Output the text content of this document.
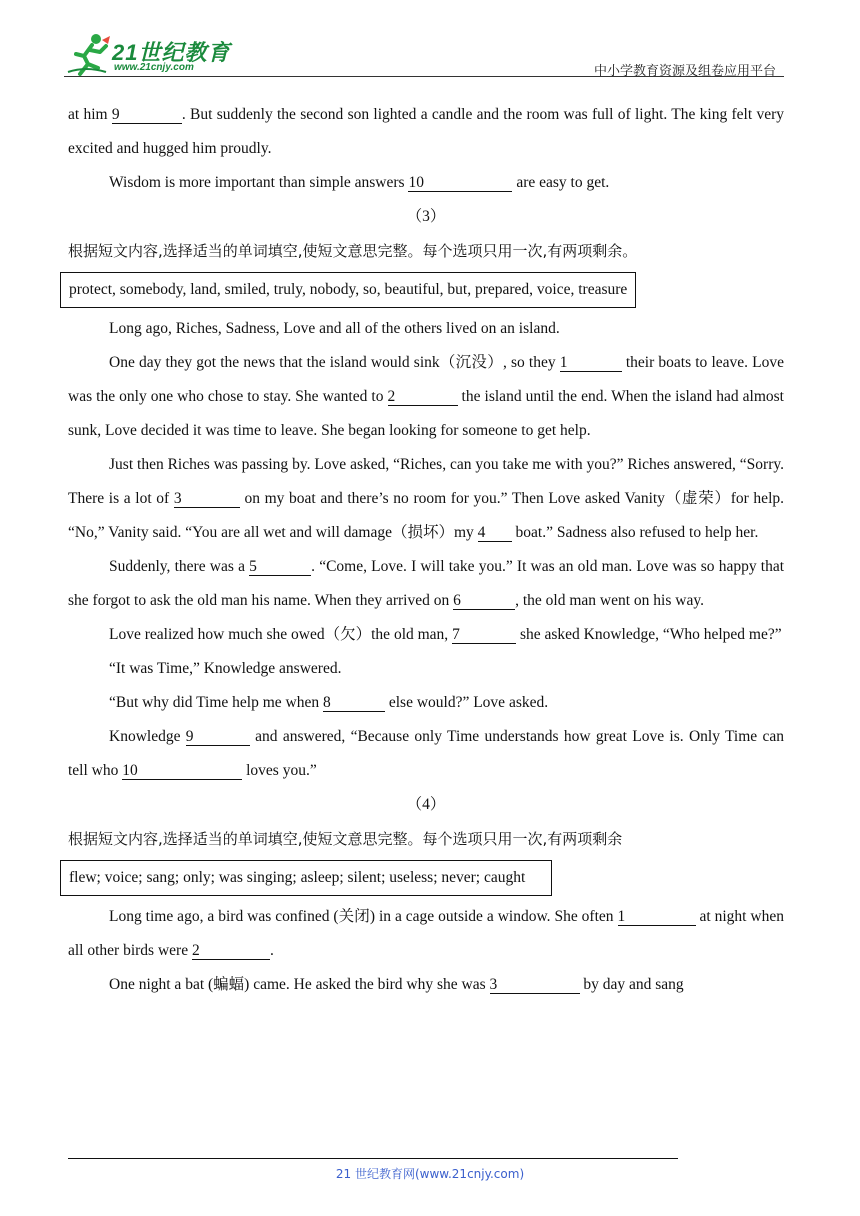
21世纪教育
www.21cnjy.com	中小学教育资源及组卷应用平台

at him 9	. But suddenly the second son lighted a candle and the room was full of light. The king felt very excited and hugged him proudly.

Wisdom is more important than simple answers 10	are easy to get.

（3）

根据短文内容,选择适当的单词填空,使短文意思完整。每个选项只用一次,有两项剩余。

protect, somebody, land, smiled, truly, nobody, so, beautiful, but, prepared, voice, treasure

Long ago, Riches, Sadness, Love and all of the others lived on an island.

One day they got the news that the island would sink（沉没）, so they 1	their boats to leave. Love was the only one who chose to stay. She wanted to 2	the island until the end. When the island had almost sunk, Love decided it was time to leave. She began looking for someone to get help.

Just then Riches was passing by. Love asked, “Riches, can you take me with you?” Riches answered, “Sorry. There is a lot of 3	on my boat and there’s no room for you.” Then Love asked Vanity（虚荣）for help. “No,” Vanity said. “You are all wet and will damage（损坏）my 4 boat.” Sadness also refused to help her.

Suddenly, there was a 5	. “Come, Love. I will take you.” It was an old man. Love was so happy that she forgot to ask the old man his name. When they arrived on 6	, the old man went on his way.

Love realized how much she owed（欠）the old man, 7	she asked Knowledge, “Who helped me?”

“It was Time,” Knowledge answered.

“But why did Time help me when 8	else would?” Love asked.

Knowledge 9	and answered, “Because only Time understands how great Love is. Only Time can tell who 10	loves you.”

（4）

根据短文内容,选择适当的单词填空,使短文意思完整。每个选项只用一次,有两项剩余

flew; voice; sang; only; was singing; asleep; silent; useless; never; caught

Long time ago, a bird was confined (关闭) in a cage outside a window. She often 1	at night when all other birds were 2	.

One night a bat (蝙蝠) came. He asked the bird why she was 3	by day and sang

21 世纪教育网(www.21cnjy.com)
